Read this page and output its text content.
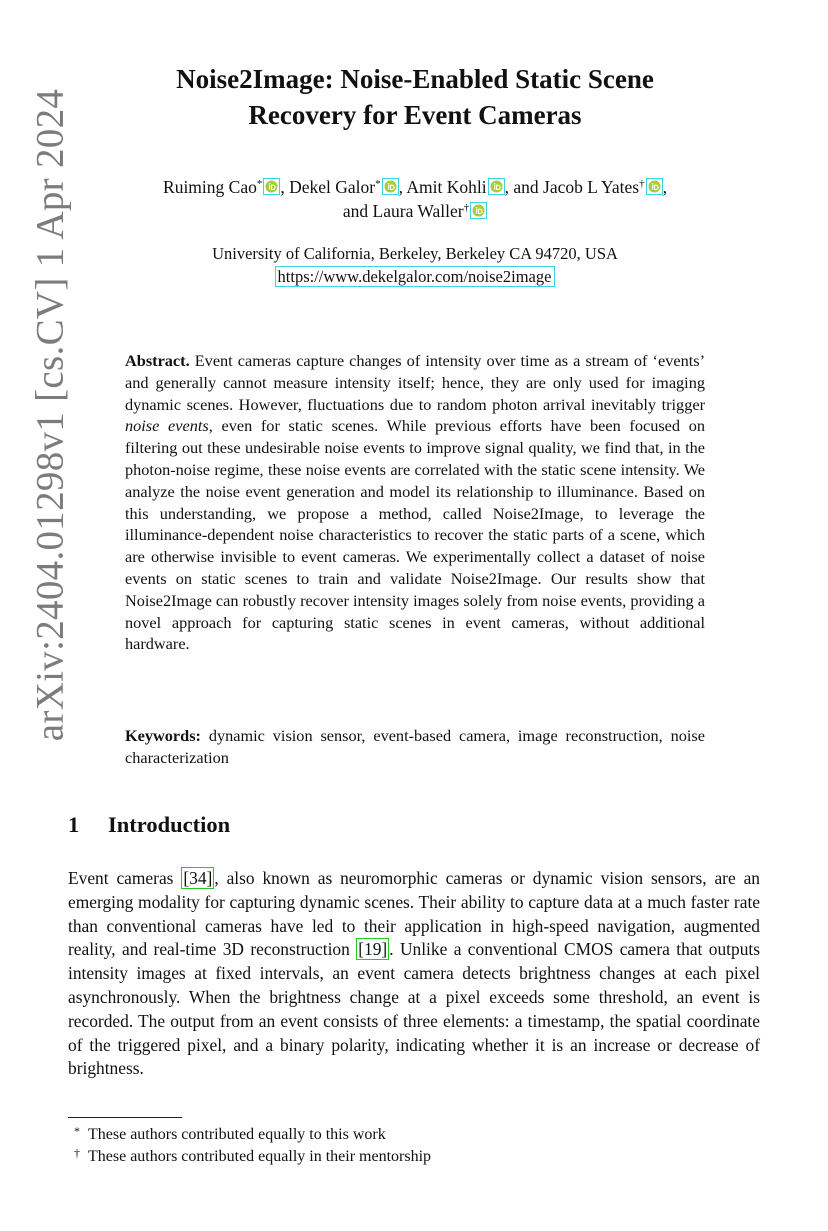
arXiv:2404.01298v1 [cs.CV] 1 Apr 2024
Noise2Image: Noise-Enabled Static Scene
Recovery for Event Cameras
Ruiming Cao* , Dekel Galor* , Amit Kohli , and Jacob L Yates† ,
and Laura Waller†
University of California, Berkeley, Berkeley CA 94720, USA
https://www.dekelgalor.com/noise2image

Abstract. Event cameras capture changes of intensity over time as a stream of ‘events’ and generally cannot measure intensity itself; hence, they are only used for imaging dynamic scenes. However, fluctuations due to random photon arrival inevitably trigger noise events, even for static scenes. While previous efforts have been focused on filtering out these undesirable noise events to improve signal quality, we find that, in the photon-noise regime, these noise events are correlated with the static scene intensity. We analyze the noise event generation and model its relationship to illuminance. Based on this understanding, we propose a method, called Noise2Image, to leverage the illuminance-dependent noise characteristics to recover the static parts of a scene, which are otherwise invisible to event cameras. We experimentally collect a dataset of noise events on static scenes to train and validate Noise2Image. Our results show that Noise2Image can robustly recover intensity images solely from noise events, providing a novel approach for capturing static scenes in event cameras, without additional hardware.

Keywords: dynamic vision sensor, event-based camera, image reconstruction, noise characterization

1 Introduction

Event cameras [34] , also known as neuromorphic cameras or dynamic vision sensors, are an emerging modality for capturing dynamic scenes. Their ability to capture data at a much faster rate than conventional cameras have led to their application in high-speed navigation, augmented reality, and real-time 3D reconstruction [19] . Unlike a conventional CMOS camera that outputs intensity images at fixed intervals, an event camera detects brightness changes at each pixel asynchronously. When the brightness change at a pixel exceeds some threshold, an event is recorded. The output from an event consists of three elements: a timestamp, the spatial coordinate of the triggered pixel, and a binary polarity, indicating whether it is an increase or decrease of brightness.

* These authors contributed equally to this work
† These authors contributed equally in their mentorship
